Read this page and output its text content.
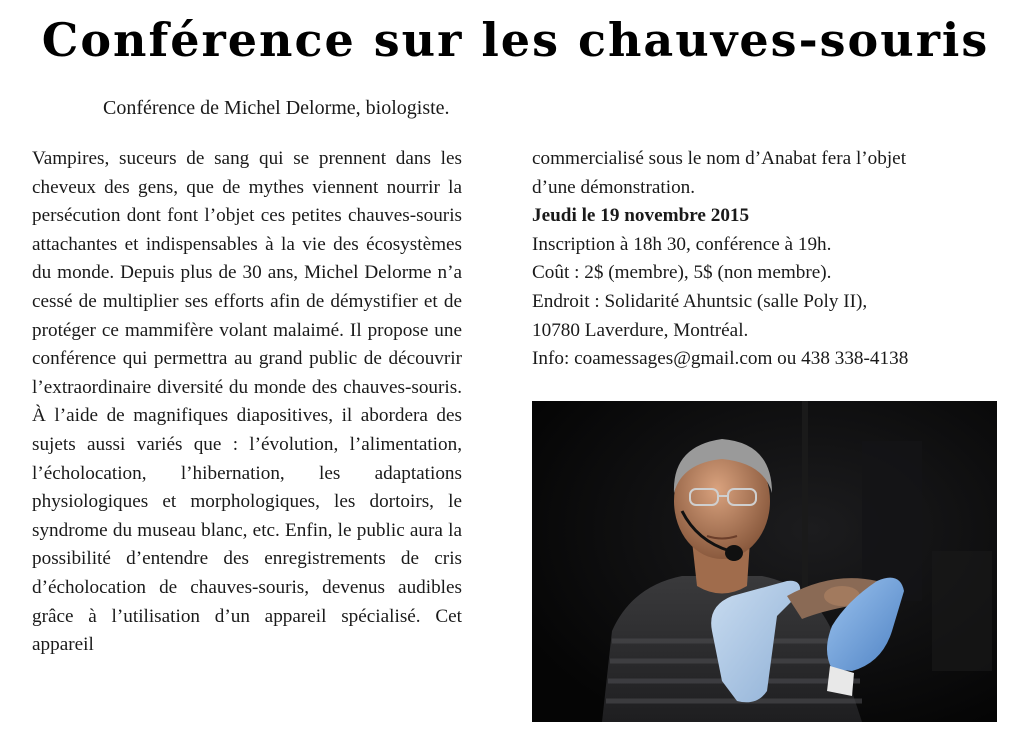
Conférence sur les chauves-souris

Conférence de Michel Delorme, biologiste.

Vampires, suceurs de sang qui se prennent dans les cheveux des gens, que de mythes viennent nourrir la persécution dont font l’objet ces petites chauves-souris attachantes et indispensables à la vie des écosystèmes du monde. Depuis plus de 30 ans, Michel Delorme n’a cessé de multiplier ses efforts afin de démystifier et de protéger ce mammifère volant malaimé. Il propose une conférence qui permettra au grand public de découvrir l’extraordinaire diversité du monde des chauves-souris. À l’aide de magnifiques diapositives, il abordera des sujets aussi variés que : l’évolution, l’alimentation, l’écholocation, l’hibernation, les adaptations physiologiques et morphologiques, les dortoirs, le syndrome du museau blanc, etc. Enfin, le public aura la possibilité d’entendre des enregistrements de cris d’écholocation de chauves-souris, devenus audibles grâce à l’utilisation d’un appareil spécialisé. Cet appareil

commercialisé sous le nom d’Anabat fera l’objet
d’une démonstration.
Jeudi le 19 novembre 2015
Inscription à 18h 30, conférence à 19h.
Coût : 2$ (membre), 5$ (non membre).
Endroit : Solidarité Ahuntsic (salle Poly II),
10780 Laverdure, Montréal.
Info: coamessages@gmail.com ou 438 338-4138
